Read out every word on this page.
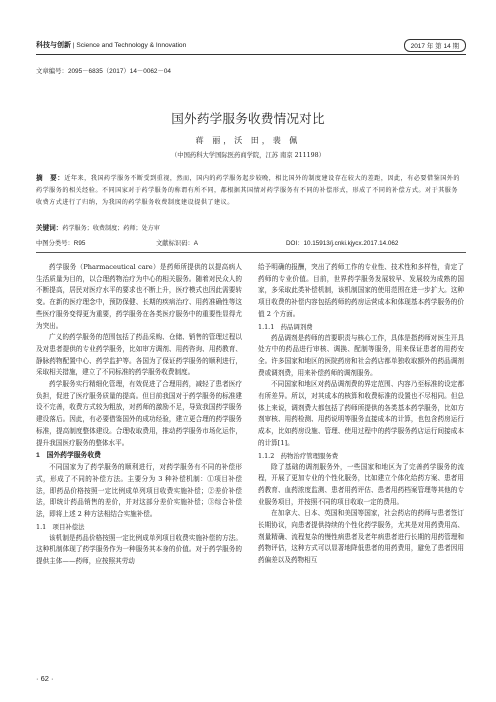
科技与创新 | Science and Technology & Innovation	2017 年 第 14 期
文章编号：2095－6835（2017）14－0062－04
国外药学服务收费情况对比
蒋 丽，沃 田，裴 佩
（中国药科大学国际医药商学院，江苏 南京 211198）
摘　要：近年来，我国药学服务不断受到重视，然而，国内的药学服务起步较晚，相比国外的制度建设存在较大的差距，因此，有必要借鉴国外的药学服务的相关经验。不同国家对于药学服务的称谓有所不同，都根据其国情对药学服务有不同的补偿形式，形成了不同的补偿方式。对于其服务收费方式进行了归纳，为我国的药学服务收费制度建设提供了建议。
关键词：药学服务；收费制度；药师；处方审
中图分类号：R95	文献标识码：A	DOI：10.15913/j.cnki.kjycx.2017.14.062

药学服务（Pharmaceutical care）是药师所提供的以提高病人生活质量为目的，以合理药物治疗为中心的相关服务。随着对民众人的不断提高，居民对医疗水平的要求也不断上升，医疗模式也因此需要转变。在新的医疗理念中，预防保健、长期的疾病治疗、用药准确性等这些医疗服务变得更为重要，药学服务在各类医疗服务中的重要性显得尤为突出。

广义的药学服务的范围包括了药品采购、仓储、销售的管理过程以及对患者提供的专业药学服务，比如审方调剂、用药咨询、用药教育、静脉药物配置中心、药学监护等。各国为了保证药学服务的顺利进行，采取相关措施，建立了不同标准的药学服务收费制度。

药学服务实行精细化管理，有效促进了合理用药，减轻了患者医疗负担，促进了医疗服务质量的提高。但目前我国对于药学服务的标准建设不完善，收费方式较为粗放，对药师的激励不足，导致我国药学服务建设落后。因此，有必要借鉴国外的成功经验，建立更合理的药学服务标准，提高制度整体建设。合理收取费用，推动药学服务市场化运作，提升我国医疗服务的整体水平。

1　国外药学服务收费

不同国家为了药学服务的顺利进行，对药学服务有不同的补偿形式，形成了不同的补偿方法。主要分为 3 种补偿机制：①项目补偿法，即药品价格按照一定比例成单列项目收费实施补偿；②差价补偿法，即统计药品销售的差价，并对这部分差价实施补偿；③综合补偿法，即将上述 2 种方法相结合实施补偿。

1.1　项目补偿法

该机制是药品价格按照一定比例成单列项目收费实施补偿的方法。这种机制体现了药学服务作为一种服务其本身的价值。对于药学服务的提供主体——药师，应按照其劳动

给予明确的报酬，突出了药师工作的专业性、技术性和多样性，肯定了药师的专业价值。目前，世界药学服务发展较早、发展较为成熟的国家，多采取此类补偿机制，该机制国家的使用范围在进一步扩大。这种项目收费的补偿内容包括药师的药房运营成本和体现基本药学服务的价值 2 个方面。

1.1.1　药品调剂费

药品调剂是药师的首要职责与核心工作，具体是指药师对医生开具处方中的药品进行审核、调换、配制等服务，用来保证患者的用药安全。许多国家和地区的医院药房和社会药店都单独收取额外的药品调剂费或调剂费，用来补偿药师的调剂服务。

不同国家和地区对药品调剂费的界定范围、内容乃至标准的设定都有所差异。所以，对其成本的核算和收费标准的设置也不尽相同。但总体上来说，调剂费大都包括了药师所提供的各类基本药学服务，比如方剂审核、用药检测、用药说明等服务直接成本的计算，也包含药房运行成本，比如药房设施、管理、使用过程中的药学服务药店运行间接成本的计算[1]。

1.1.2　药物治疗管理服务费

除了基础的调剂服务外，一些国家和地区为了完善药学服务的流程，开展了更加专业的个性化服务，比如建立个体化给药方案、患者用药教育、血药浓度监测、患者用药评估、患者用药档案管理等其他的专业服务项目，并按照不同的项目收取一定的费用。

在加拿大、日本、英国和美国等国家，社会药店的药师与患者签订长期协议，向患者提供持续的个性化药学服务，尤其是对用药费用高、剂量精确、流程复杂的慢性病患者及老年病患者进行长期的用药管理和药物评估，这种方式可以显著地降低患者的用药费用，避免了患者因用药偏差以及药物相互

· 62 ·
